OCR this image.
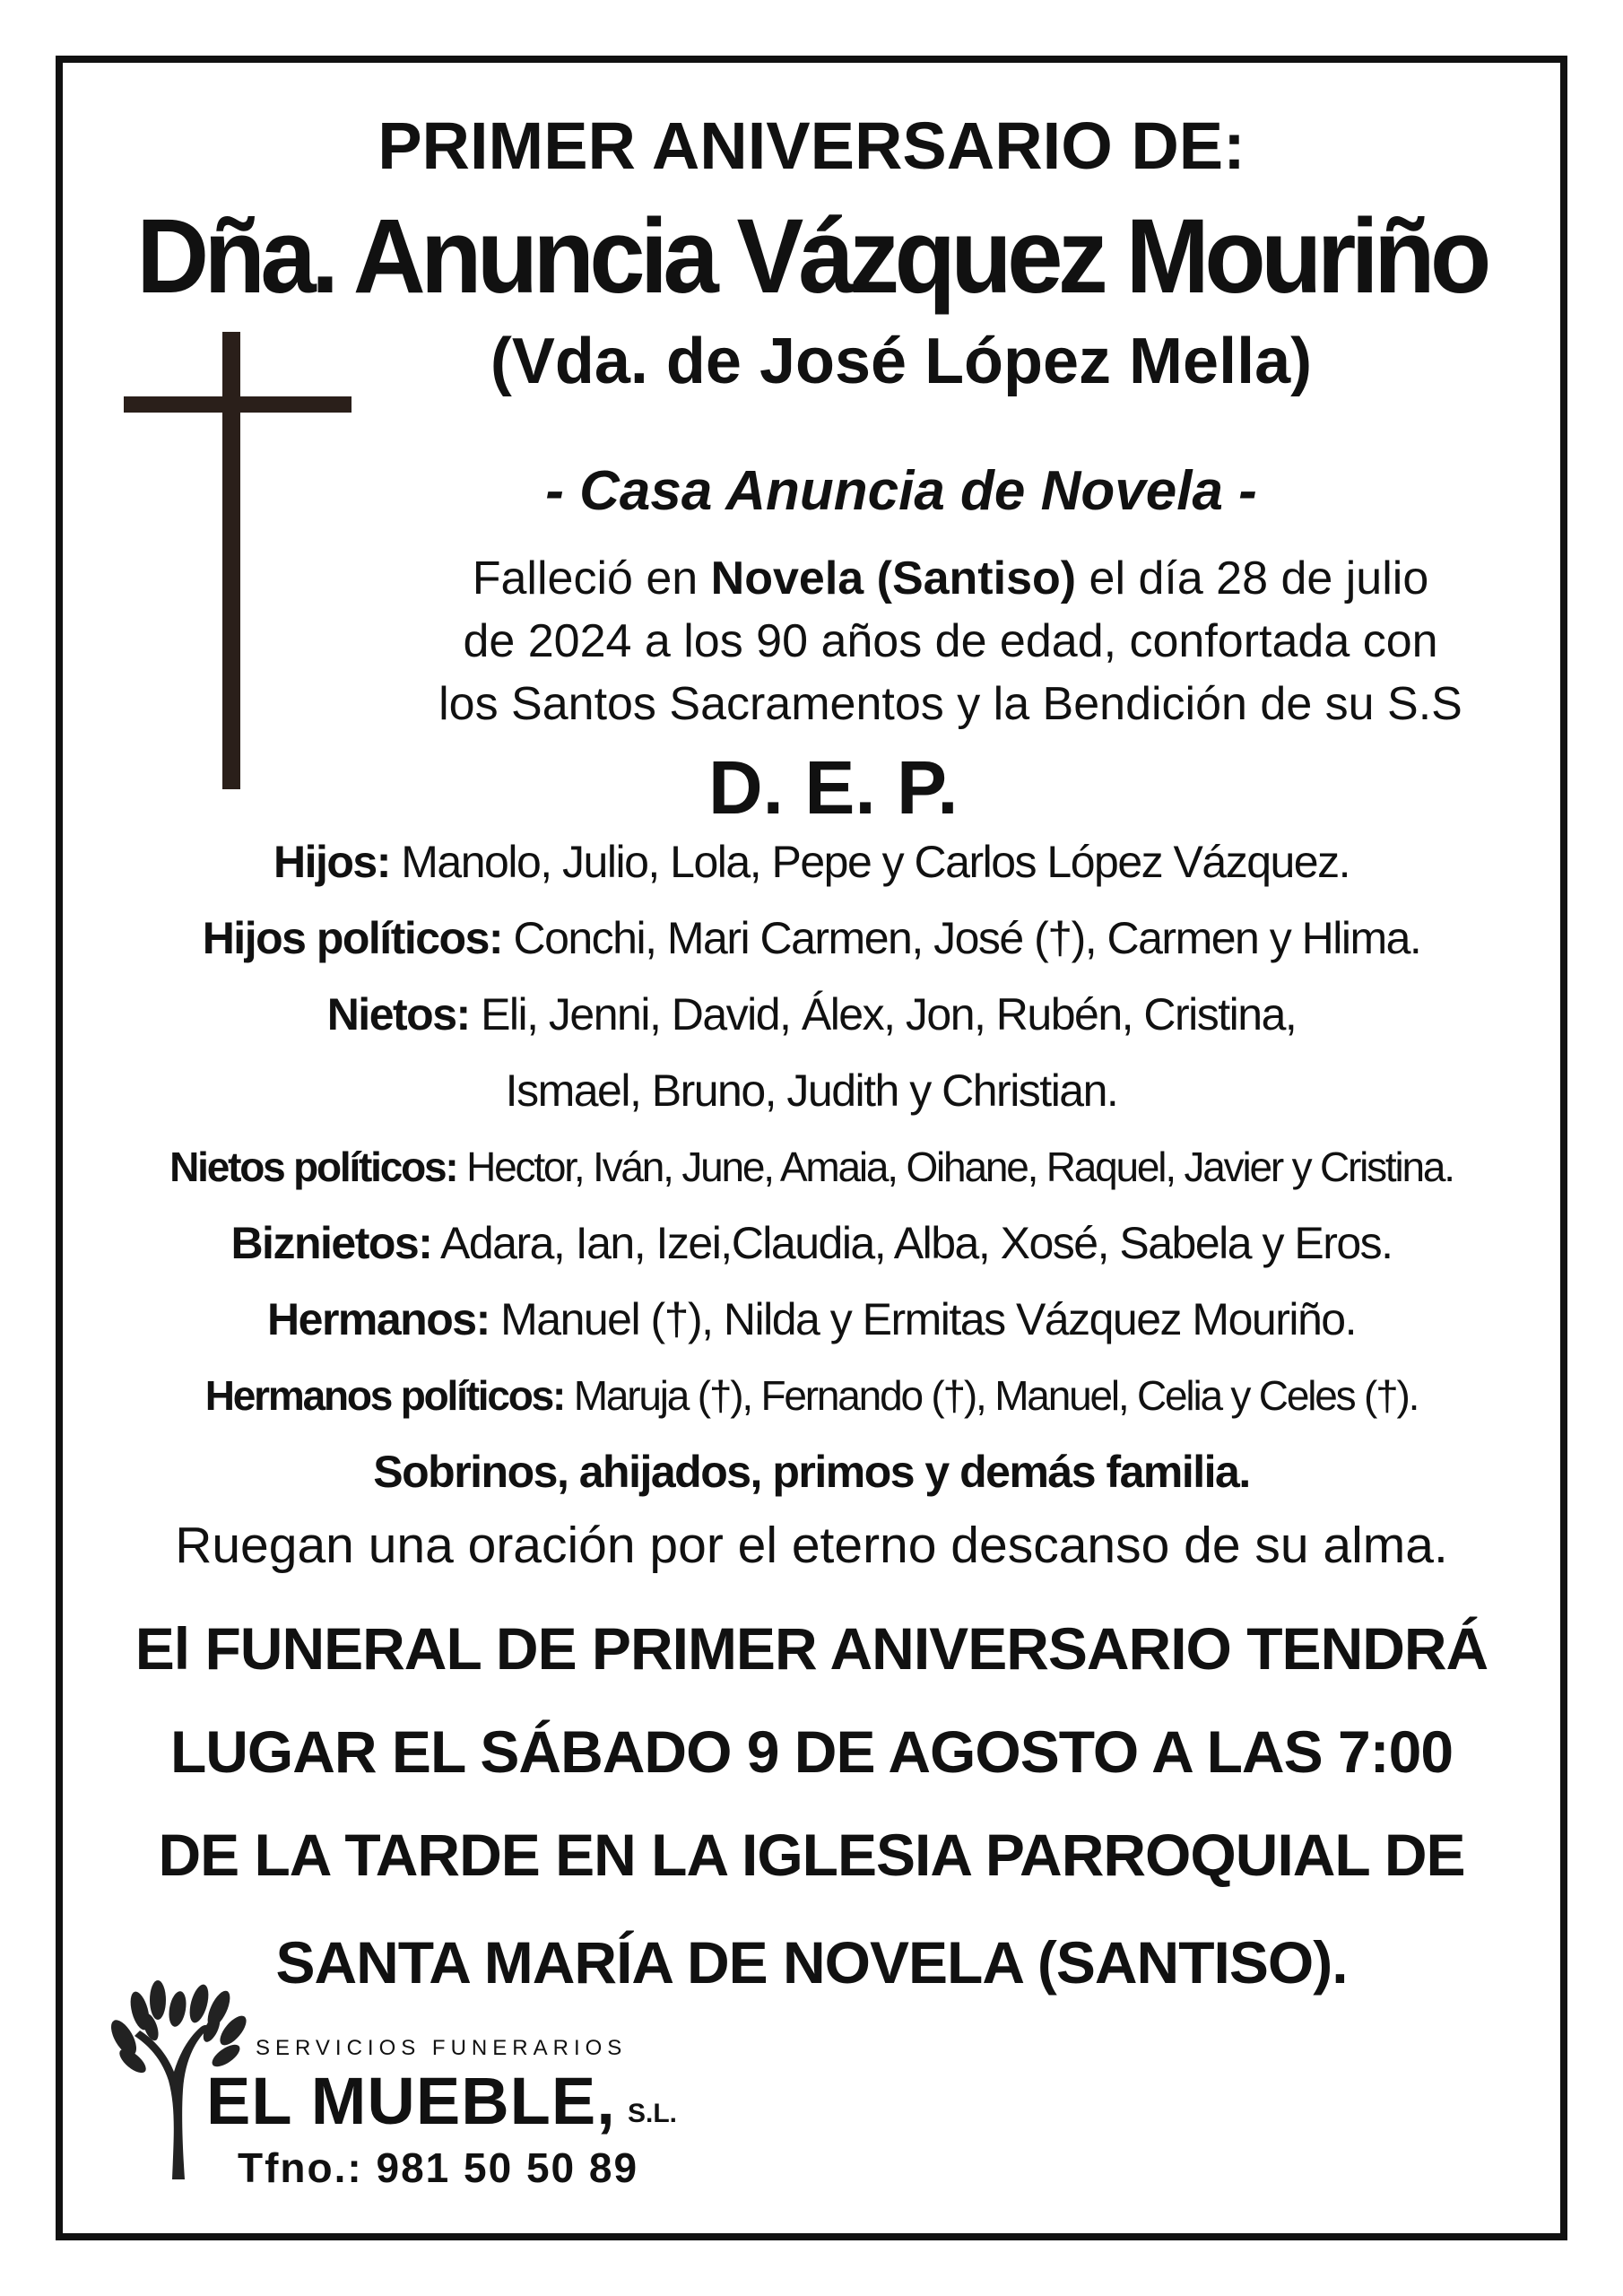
PRIMER ANIVERSARIO DE:
Dña. Anuncia Vázquez Mouriño
(Vda. de José López Mella)
- Casa Anuncia de Novela -
Falleció en Novela (Santiso) el día 28 de julio
de 2024 a los 90 años de edad, confortada con
los Santos Sacramentos y la Bendición de su S.S
D. E. P.
Hijos: Manolo, Julio, Lola, Pepe y Carlos López Vázquez.
Hijos políticos: Conchi, Mari Carmen, José (†), Carmen y Hlima.
Nietos: Eli, Jenni, David, Álex, Jon, Rubén, Cristina,
Ismael, Bruno, Judith y Christian.
Nietos políticos: Hector, Iván, June, Amaia, Oihane, Raquel, Javier y Cristina.
Biznietos: Adara, Ian, Izei,Claudia, Alba, Xosé, Sabela y Eros.
Hermanos: Manuel (†), Nilda y Ermitas Vázquez Mouriño.
Hermanos políticos: Maruja (†), Fernando (†), Manuel, Celia y Celes (†).
Sobrinos, ahijados, primos y demás familia.
Ruegan una oración por el eterno descanso de su alma.
El FUNERAL DE PRIMER ANIVERSARIO TENDRÁ
LUGAR EL SÁBADO 9 DE AGOSTO A LAS 7:00
DE LA TARDE EN LA IGLESIA PARROQUIAL DE
SANTA MARÍA DE NOVELA (SANTISO).
SERVICIOS FUNERARIOS
EL MUEBLE, S.L.
Tfno.: 981 50 50 89
